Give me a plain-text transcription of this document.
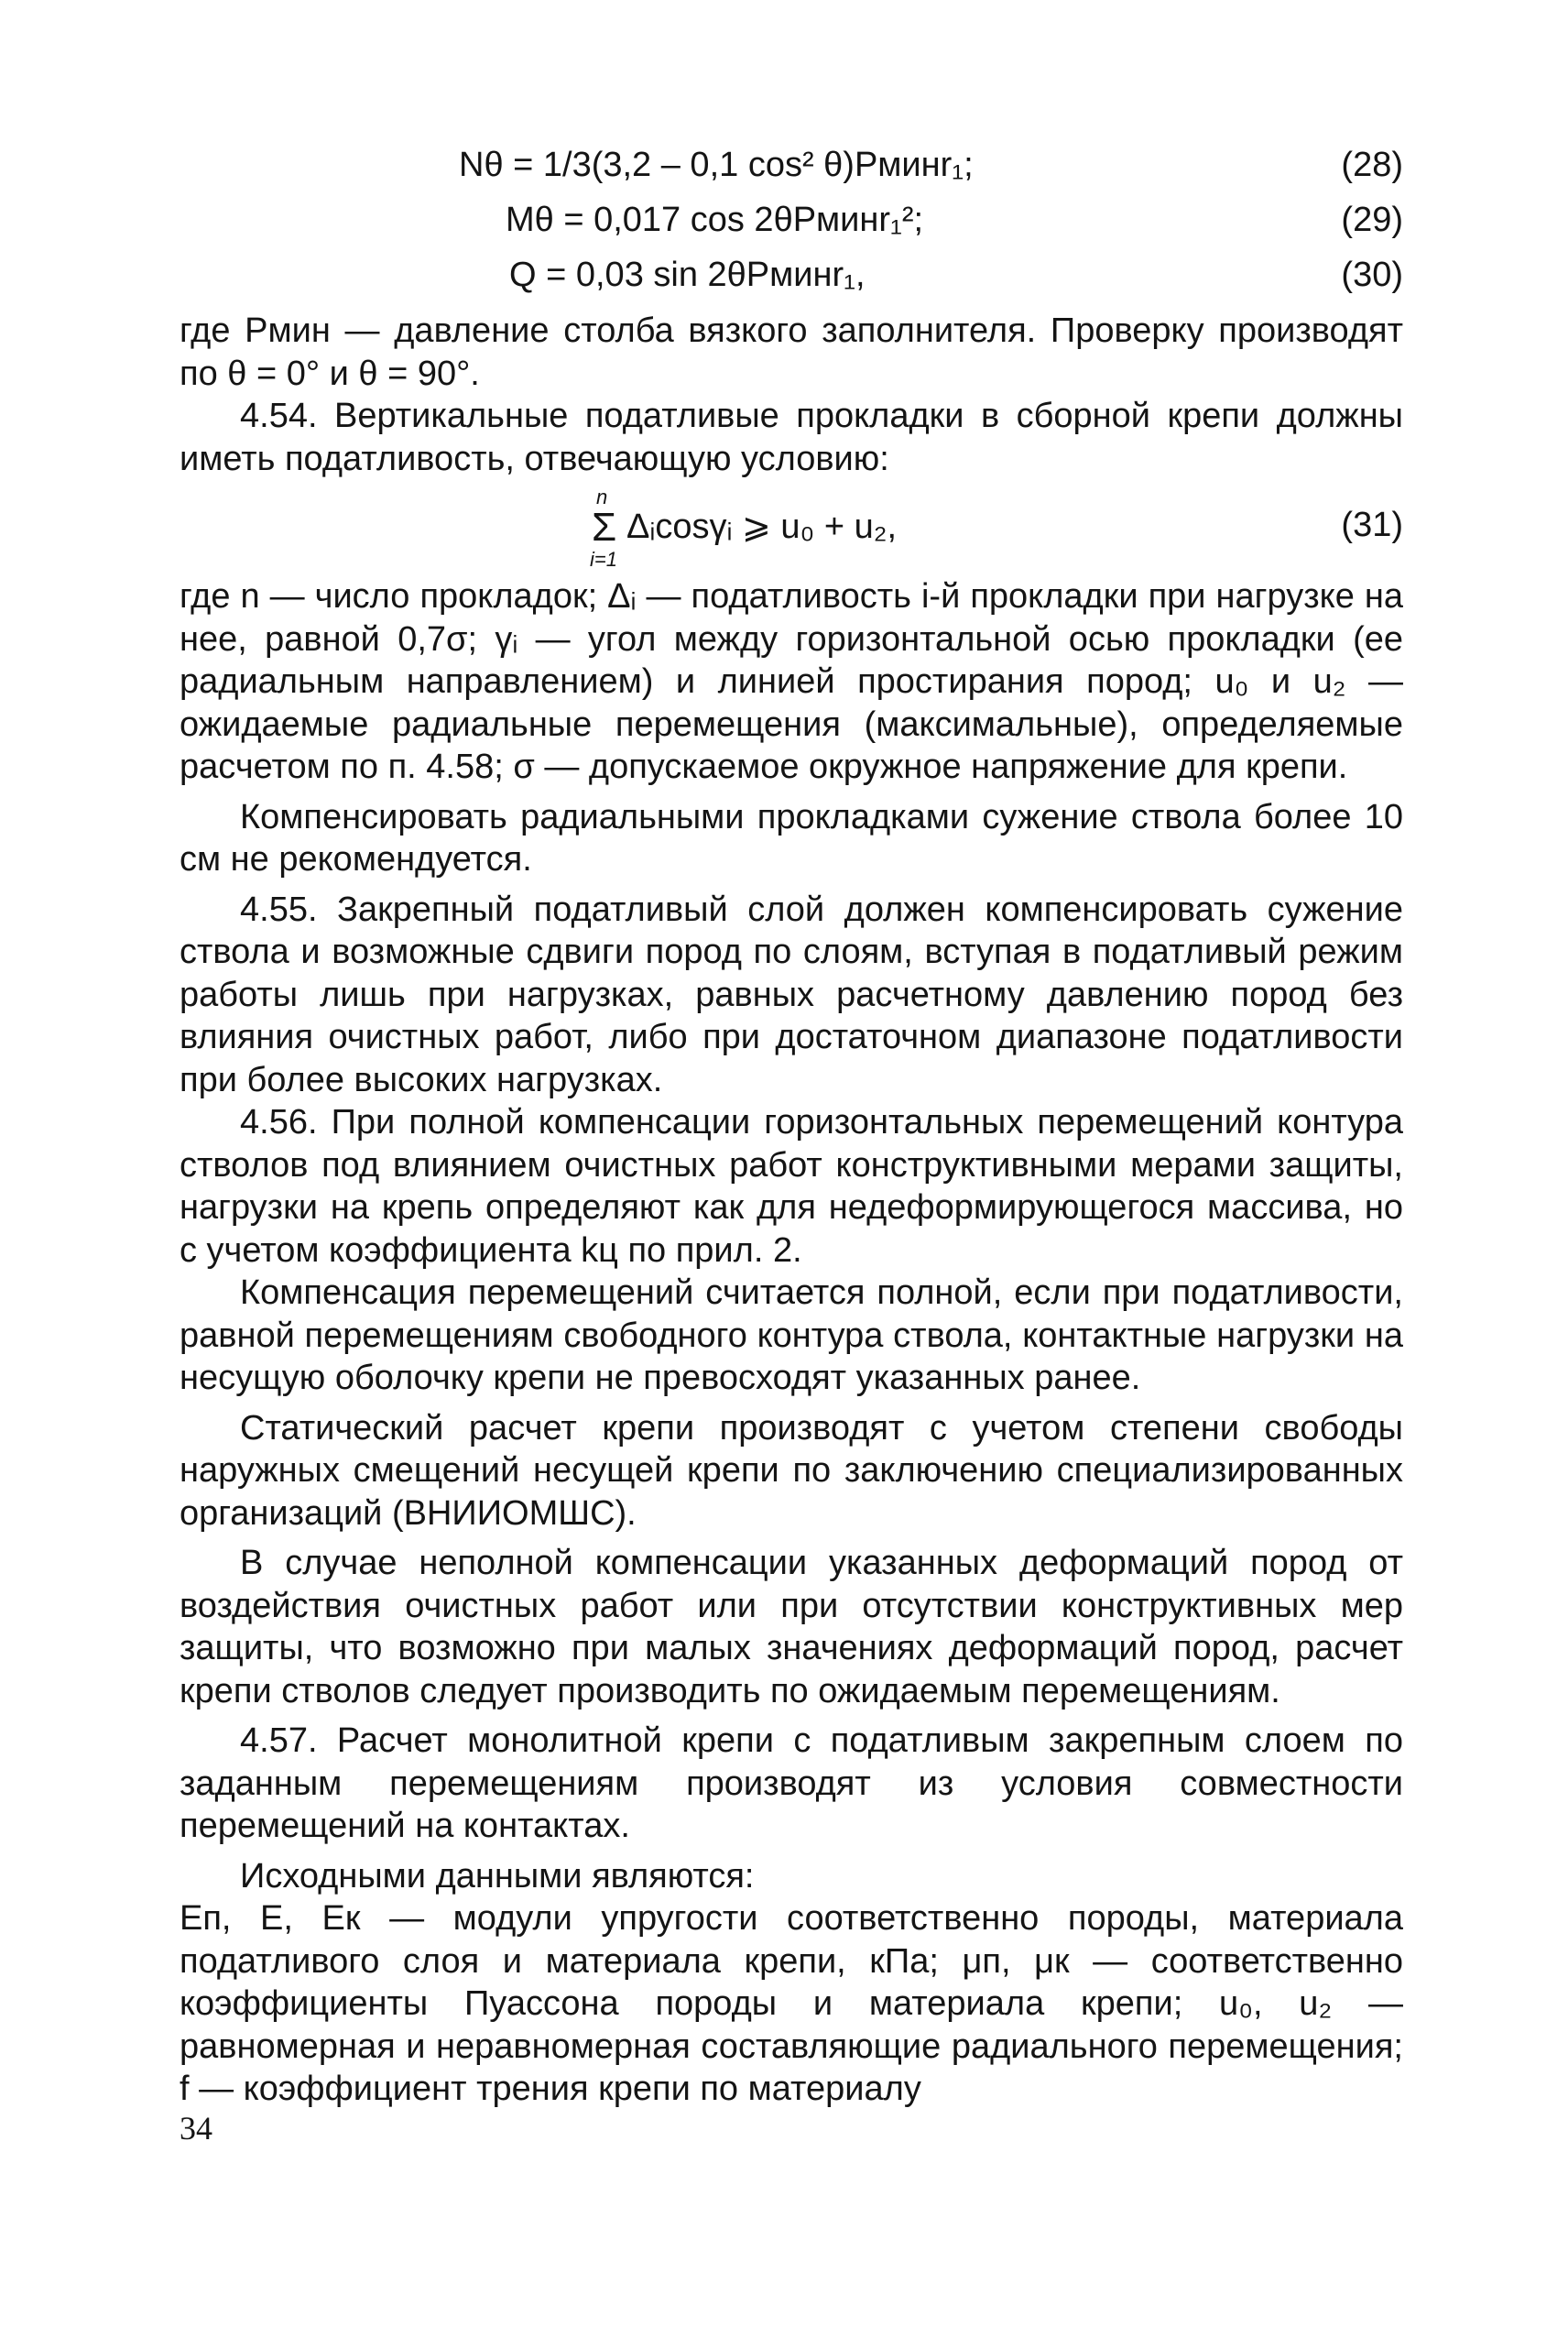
Nθ = 1/3(3,2 – 0,1 cos² θ)Pминr₁;	(28)
Mθ = 0,017 cos 2θPминr₁²;	(29)
Q = 0,03 sin 2θPминr₁,	(30)

где Pмин — давление столба вязкого заполнителя. Проверку производят по θ = 0° и θ = 90°.

4.54. Вертикальные податливые прокладки в сборной крепи должны иметь податливость, отвечающую условию:

n
Σ
i=1
Δᵢcosγᵢ ⩾ u₀ + u₂,	(31)

где n — число прокладок; Δᵢ — податливость i-й прокладки при нагрузке на нее, равной 0,7σ; γᵢ — угол между горизонтальной осью прокладки (ее радиальным направлением) и линией простирания пород; u₀ и u₂ — ожидаемые радиальные перемещения (максимальные), определяемые расчетом по п. 4.58; σ — допускаемое окружное напряжение для крепи.

Компенсировать радиальными прокладками сужение ствола более 10 см не рекомендуется.

4.55. Закрепный податливый слой должен компенсировать сужение ствола и возможные сдвиги пород по слоям, вступая в податливый режим работы лишь при нагрузках, равных расчетному давлению пород без влияния очистных работ, либо при достаточном диапазоне податливости при более высоких нагрузках.

4.56. При полной компенсации горизонтальных перемещений контура стволов под влиянием очистных работ конструктивными мерами защиты, нагрузки на крепь определяют как для недеформирующегося массива, но с учетом коэффициента kц по прил. 2.

Компенсация перемещений считается полной, если при податливости, равной перемещениям свободного контура ствола, контактные нагрузки на несущую оболочку крепи не превосходят указанных ранее.

Статический расчет крепи производят с учетом степени свободы наружных смещений несущей крепи по заключению специализированных организаций (ВНИИОМШС).

В случае неполной компенсации указанных деформаций пород от воздействия очистных работ или при отсутствии конструктивных мер защиты, что возможно при малых значениях деформаций пород, расчет крепи стволов следует производить по ожидаемым перемещениям.

4.57. Расчет монолитной крепи с податливым закрепным слоем по заданным перемещениям производят из условия совместности перемещений на контактах.

Исходными данными являются:

Eп, E, Eк — модули упругости соответственно породы, материала податливого слоя и материала крепи, кПа; μп, μк — соответственно коэффициенты Пуассона породы и материала крепи; u₀, u₂ — равномерная и неравномерная составляющие радиального перемещения; f — коэффициент трения крепи по материалу

34
